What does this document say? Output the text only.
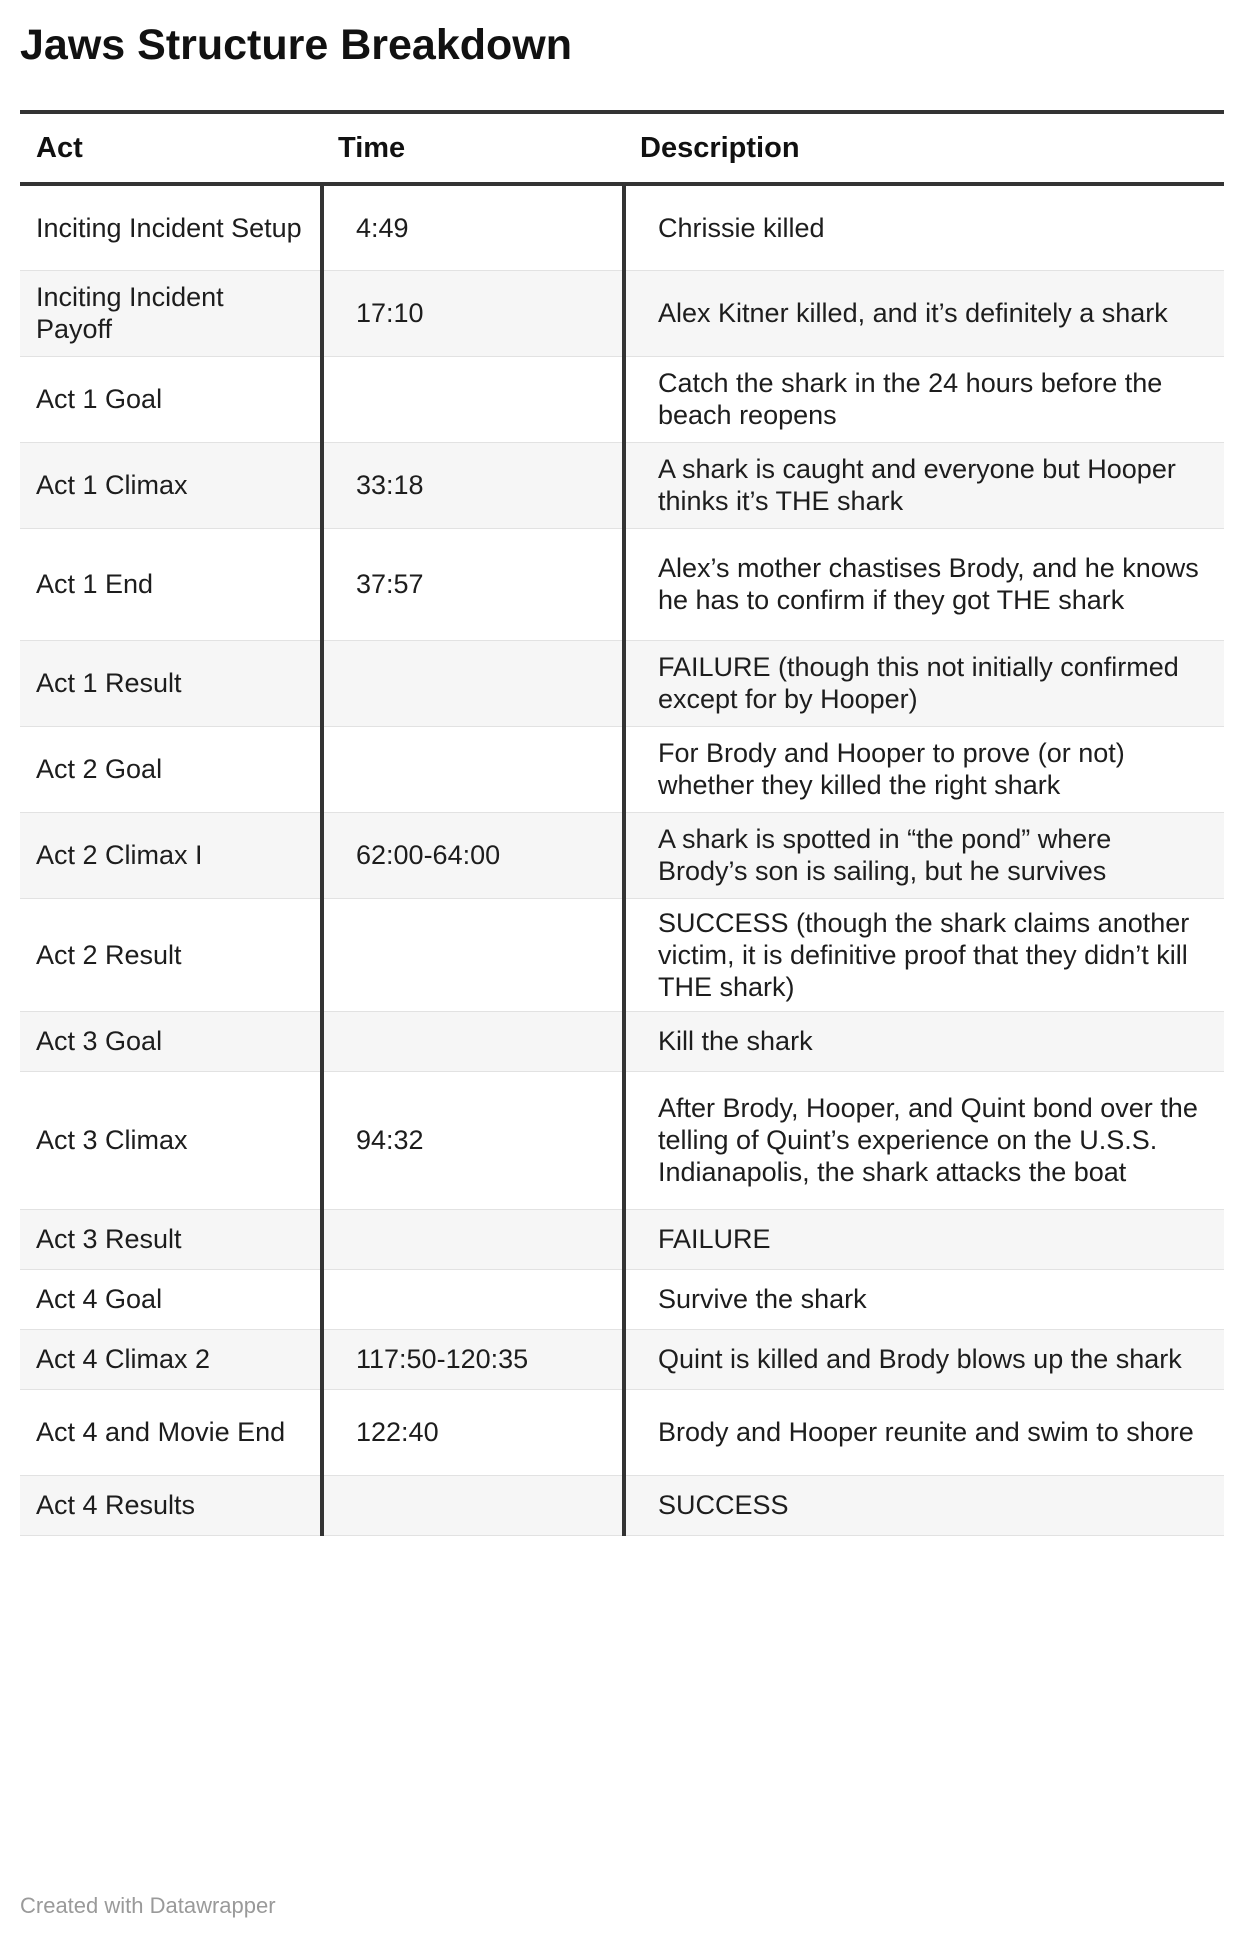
Jaws Structure Breakdown
Act	Time	Description
Inciting Incident Setup	4:49	Chrissie killed
Inciting Incident Payoff	17:10	Alex Kitner killed, and it’s definitely a shark
Act 1 Goal		Catch the shark in the 24 hours before the beach reopens
Act 1 Climax	33:18	A shark is caught and everyone but Hooper thinks it’s THE shark
Act 1 End	37:57	Alex’s mother chastises Brody, and he knows he has to confirm if they got THE shark
Act 1 Result		FAILURE (though this not initially confirmed except for by Hooper)
Act 2 Goal		For Brody and Hooper to prove (or not) whether they killed the right shark
Act 2 Climax I	62:00-64:00	A shark is spotted in “the pond” where Brody’s son is sailing, but he survives
Act 2 Result		SUCCESS (though the shark claims another victim, it is definitive proof that they didn’t kill THE shark)
Act 3 Goal		Kill the shark
Act 3 Climax	94:32	After Brody, Hooper, and Quint bond over the telling of Quint’s experience on the U.S.S. Indianapolis, the shark attacks the boat
Act 3 Result		FAILURE
Act 4 Goal		Survive the shark
Act 4 Climax 2	117:50-120:35	Quint is killed and Brody blows up the shark
Act 4 and Movie End	122:40	Brody and Hooper reunite and swim to shore
Act 4 Results		SUCCESS
Created with Datawrapper
